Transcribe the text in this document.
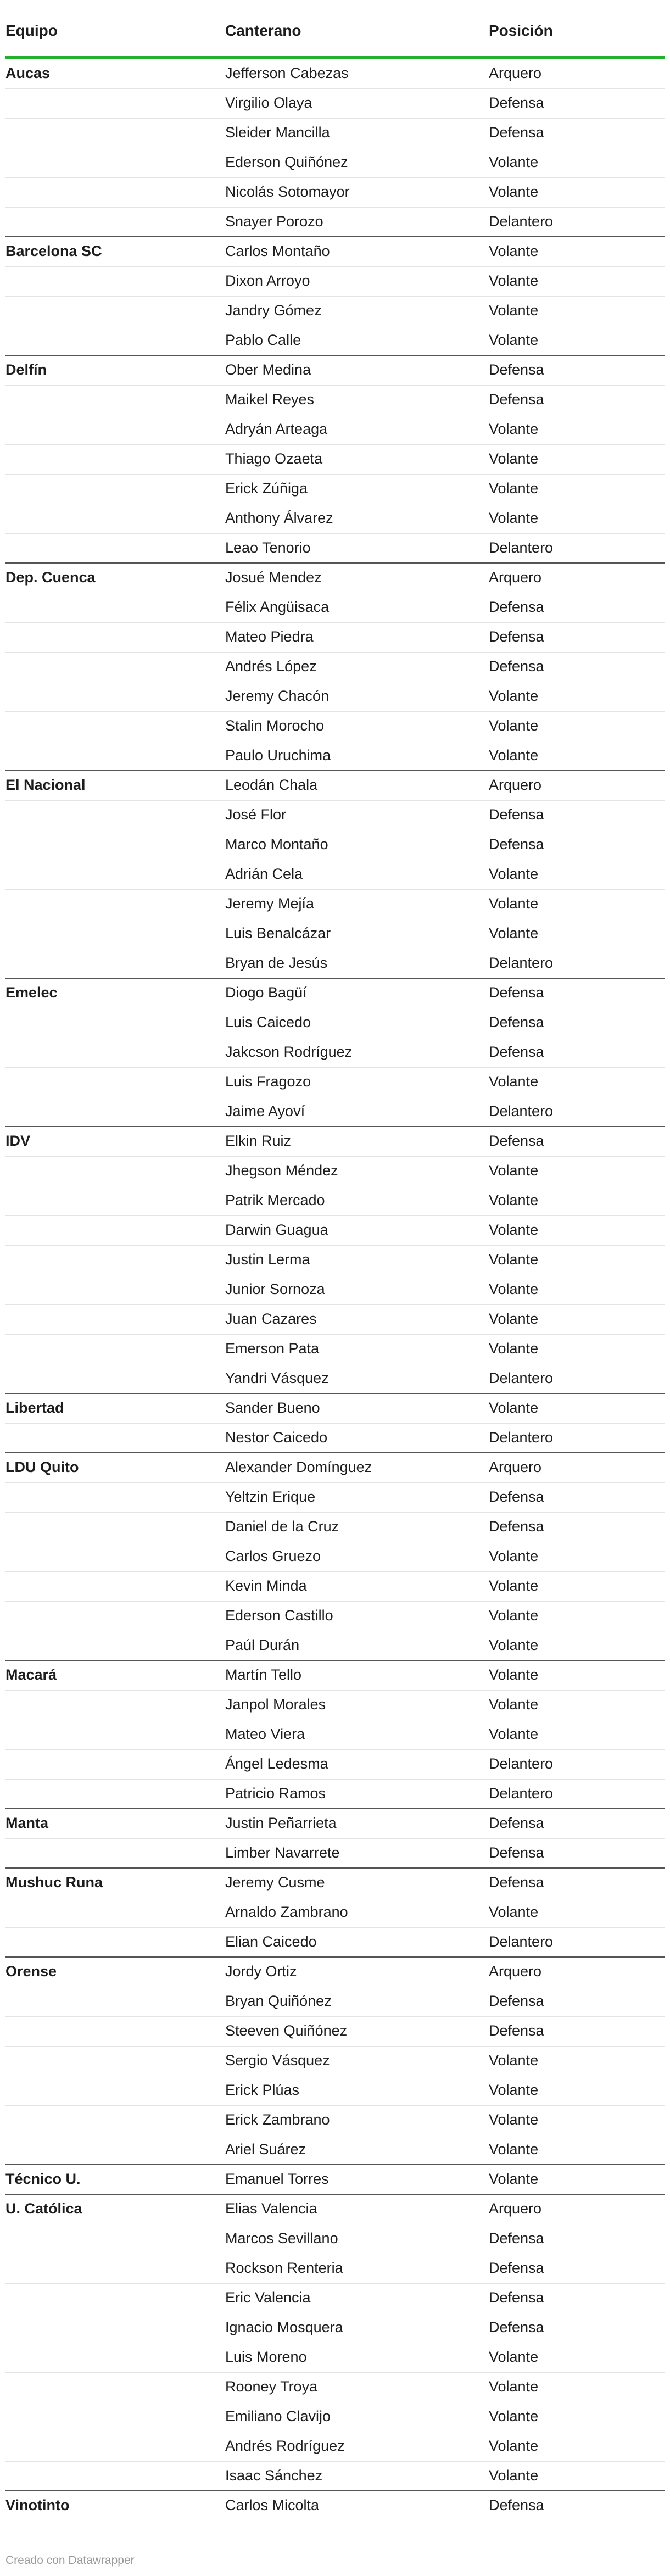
Equipo	Canterano	Posición
Aucas	Jefferson Cabezas	Arquero
Virgilio Olaya	Defensa
Sleider Mancilla	Defensa
Ederson Quiñónez	Volante
Nicolás Sotomayor	Volante
Snayer Porozo	Delantero
Barcelona SC	Carlos Montaño	Volante
Dixon Arroyo	Volante
Jandry Gómez	Volante
Pablo Calle	Volante
Delfín	Ober Medina	Defensa
Maikel Reyes	Defensa
Adryán Arteaga	Volante
Thiago Ozaeta	Volante
Erick Zúñiga	Volante
Anthony Álvarez	Volante
Leao Tenorio	Delantero
Dep. Cuenca	Josué Mendez	Arquero
Félix Angüisaca	Defensa
Mateo Piedra	Defensa
Andrés López	Defensa
Jeremy Chacón	Volante
Stalin Morocho	Volante
Paulo Uruchima	Volante
El Nacional	Leodán Chala	Arquero
José Flor	Defensa
Marco Montaño	Defensa
Adrián Cela	Volante
Jeremy Mejía	Volante
Luis Benalcázar	Volante
Bryan de Jesús	Delantero
Emelec	Diogo Bagüí	Defensa
Luis Caicedo	Defensa
Jakcson Rodríguez	Defensa
Luis Fragozo	Volante
Jaime Ayoví	Delantero
IDV	Elkin Ruiz	Defensa
Jhegson Méndez	Volante
Patrik Mercado	Volante
Darwin Guagua	Volante
Justin Lerma	Volante
Junior Sornoza	Volante
Juan Cazares	Volante
Emerson Pata	Volante
Yandri Vásquez	Delantero
Libertad	Sander Bueno	Volante
Nestor Caicedo	Delantero
LDU Quito	Alexander Domínguez	Arquero
Yeltzin Erique	Defensa
Daniel de la Cruz	Defensa
Carlos Gruezo	Volante
Kevin Minda	Volante
Ederson Castillo	Volante
Paúl Durán	Volante
Macará	Martín Tello	Volante
Janpol Morales	Volante
Mateo Viera	Volante
Ángel Ledesma	Delantero
Patricio Ramos	Delantero
Manta	Justin Peñarrieta	Defensa
Limber Navarrete	Defensa
Mushuc Runa	Jeremy Cusme	Defensa
Arnaldo Zambrano	Volante
Elian Caicedo	Delantero
Orense	Jordy Ortiz	Arquero
Bryan Quiñónez	Defensa
Steeven Quiñónez	Defensa
Sergio Vásquez	Volante
Erick Plúas	Volante
Erick Zambrano	Volante
Ariel Suárez	Volante
Técnico U.	Emanuel Torres	Volante
U. Católica	Elias Valencia	Arquero
Marcos Sevillano	Defensa
Rockson Renteria	Defensa
Eric Valencia	Defensa
Ignacio Mosquera	Defensa
Luis Moreno	Volante
Rooney Troya	Volante
Emiliano Clavijo	Volante
Andrés Rodríguez	Volante
Isaac Sánchez	Volante
Vinotinto	Carlos Micolta	Defensa
Creado con Datawrapper
